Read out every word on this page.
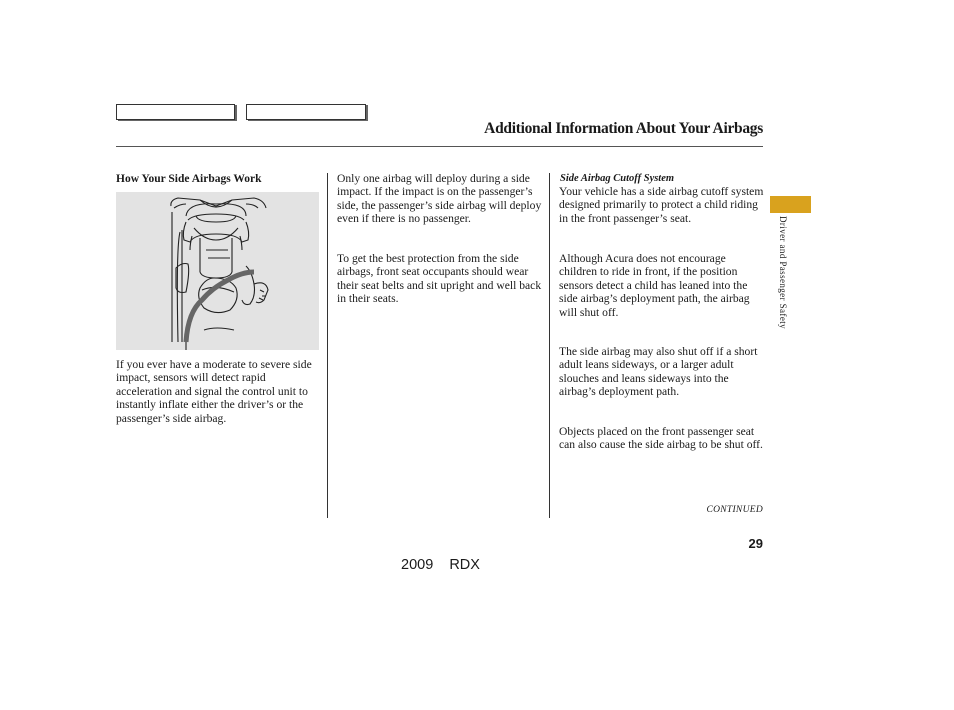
Additional Information About Your Airbags
How Your Side Airbags Work

If you ever have a moderate to severe side impact, sensors will detect rapid acceleration and signal the control unit to instantly inflate either the driver’s or the passenger’s side airbag.

Only one airbag will deploy during a side impact. If the impact is on the passenger’s side, the passenger’s side airbag will deploy even if there is no passenger.

To get the best protection from the side airbags, front seat occupants should wear their seat belts and sit upright and well back in their seats.

Side Airbag Cutoff System

Your vehicle has a side airbag cutoff system designed primarily to protect a child riding in the front passenger’s seat.

Although Acura does not encourage children to ride in front, if the position sensors detect a child has leaned into the side airbag’s deployment path, the airbag will shut off.

The side airbag may also shut off if a short adult leans sideways, or a larger adult slouches and leans sideways into the airbag’s deployment path.

Objects placed on the front passenger seat can also cause the side airbag to be shut off.

Driver and Passenger Safety
CONTINUED
29
2009  RDX
